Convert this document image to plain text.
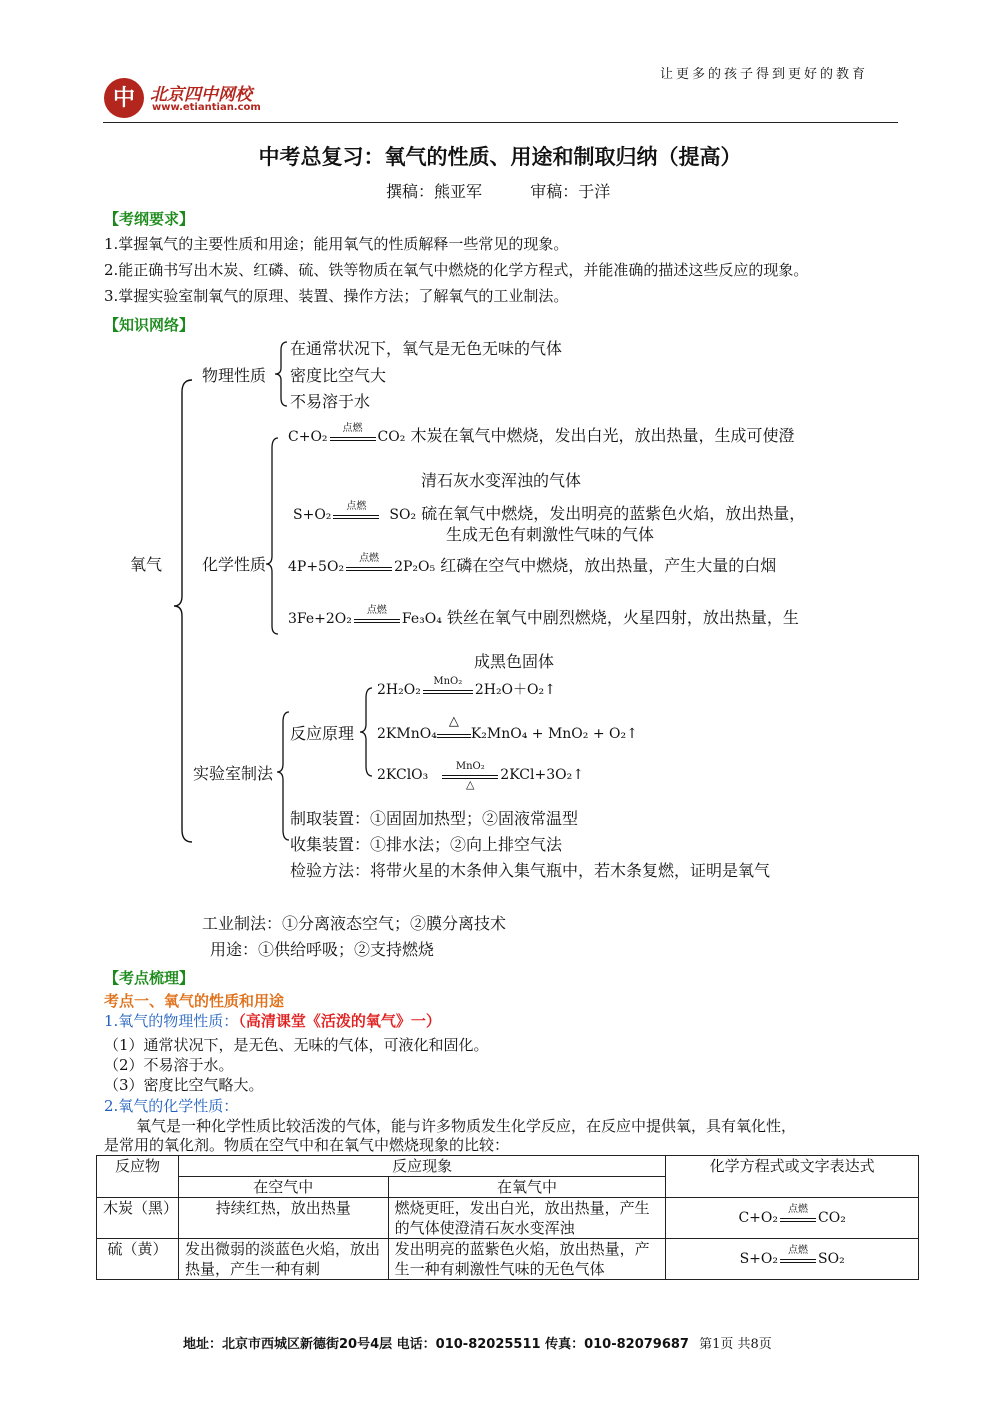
中 北京四中网校
www.etiantian.com
让更多的孩子得到更好的教育
中考总复习：氧气的性质、用途和制取归纳（提高）
撰稿：熊亚军	审稿：于洋
【考纲要求】
1.掌握氧气的主要性质和用途；能用氧气的性质解释一些常见的现象。
2.能正确书写出木炭、红磷、硫、铁等物质在氧气中燃烧的化学方程式，并能准确的描述这些反应的现象。
3.掌握实验室制氧气的原理、装置、操作方法；了解氧气的工业制法。
【知识网络】
氧气
物理性质
在通常状况下，氧气是无色无味的气体
密度比空气大
不易溶于水
化学性质
C+O₂
点燃
CO₂ 木炭在氧气中燃烧，发出白光，放出热量，生成可使澄
清石灰水变浑浊的气体
S+O₂
点燃
SO₂ 硫在氧气中燃烧，发出明亮的蓝紫色火焰，放出热量，
生成无色有刺激性气味的气体
4P+5O₂
点燃
2P₂O₅ 红磷在空气中燃烧，放出热量，产生大量的白烟
3Fe+2O₂
点燃
Fe₃O₄ 铁丝在氧气中剧烈燃烧，火星四射，放出热量，生
成黑色固体
实验室制法
反应原理
2H₂O₂
MnO₂
2H₂O＋O₂↑
2KMnO₄
△
K₂MnO₄ + MnO₂ + O₂↑
2KClO₃
MnO₂
△
2KCl+3O₂↑
制取装置：①固固加热型；②固液常温型
收集装置：①排水法；②向上排空气法
检验方法：将带火星的木条伸入集气瓶中，若木条复燃，证明是氧气
工业制法：①分离液态空气；②膜分离技术
用途：①供给呼吸；②支持燃烧
【考点梳理】
考点一、氧气的性质和用途
1.氧气的物理性质：（高清课堂《活泼的氧气》一）
（1）通常状况下，是无色、无味的气体，可液化和固化。
（2）不易溶于水。
（3）密度比空气略大。
2.氧气的化学性质：
氧气是一种化学性质比较活泼的气体，能与许多物质发生化学反应，在反应中提供氧，具有氧化性，
是常用的氧化剂。物质在空气中和在氧气中燃烧现象的比较：
反应物	反应现象		化学方程式或文字表达式
	在空气中	在氧气中	
木炭（黑）	持续红热，放出热量	燃烧更旺，发出白光，放出热量，产生的气体使澄清石灰水变浑浊	C+O₂
点燃
CO₂
硫（黄）	发出微弱的淡蓝色火焰，放出热量，产生一种有刺	发出明亮的蓝紫色火焰，放出热量，产生一种有刺激性气味的无色气体	S+O₂
点燃
SO₂
地址：北京市西城区新德街20号4层 电话：010-82025511 传真：010-82079687 第1页 共8页
